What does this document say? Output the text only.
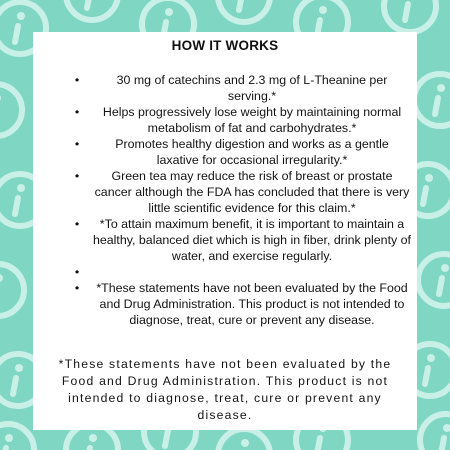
HOW IT WORKS
•	30 mg of catechins and 2.3 mg of L-Theanine per serving.*
•	Helps progressively lose weight by maintaining normal metabolism of fat and carbohydrates.*
•	Promotes healthy digestion and works as a gentle laxative for occasional irregularity.*
•	Green tea may reduce the risk of breast or prostate cancer although the FDA has concluded that there is very little scientific evidence for this claim.*
•	*To attain maximum benefit, it is important to maintain a healthy, balanced diet which is high in fiber, drink plenty of water, and exercise regularly.
•
•	*These statements have not been evaluated by the Food and Drug Administration. This product is not intended to diagnose, treat, cure or prevent any disease.
*These statements have not been evaluated by the Food and Drug Administration. This product is not intended to diagnose, treat, cure or prevent any disease.
